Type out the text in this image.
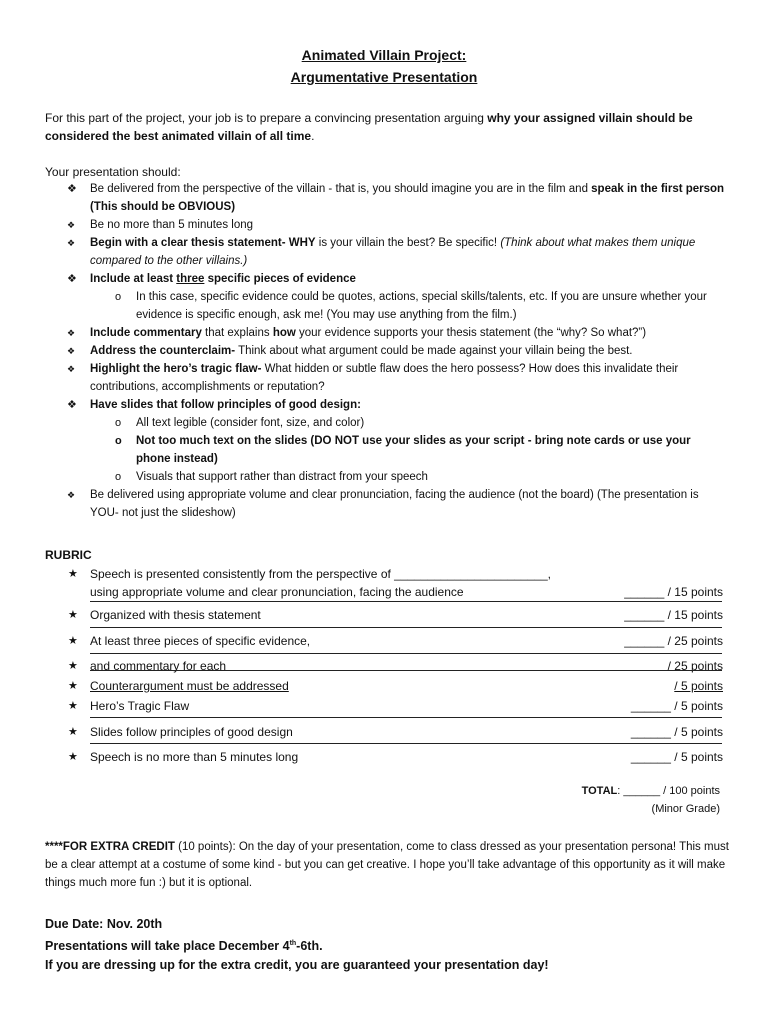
Animated Villain Project:
Argumentative Presentation
For this part of the project, your job is to prepare a convincing presentation arguing why your assigned villain should be considered the best animated villain of all time.
Your presentation should:
❖ Be delivered from the perspective of the villain - that is, you should imagine you are in the film and speak in the first person (This should be OBVIOUS)
❖ Be no more than 5 minutes long
❖ Begin with a clear thesis statement- WHY is your villain the best? Be specific! (Think about what makes them unique compared to the other villains.)
❖ Include at least three specific pieces of evidence
o In this case, specific evidence could be quotes, actions, special skills/talents, etc. If you are unsure whether your evidence is specific enough, ask me! (You may use anything from the film.)
❖ Include commentary that explains how your evidence supports your thesis statement (the “why? So what?”)
❖ Address the counterclaim- Think about what argument could be made against your villain being the best.
❖ Highlight the hero’s tragic flaw- What hidden or subtle flaw does the hero possess? How does this invalidate their contributions, accomplishments or reputation?
❖ Have slides that follow principles of good design:
o All text legible (consider font, size, and color)
o Not too much text on the slides (DO NOT use your slides as your script - bring note cards or use your phone instead)
o Visuals that support rather than distract from your speech
❖ Be delivered using appropriate volume and clear pronunciation, facing the audience (not the board) (The presentation is YOU- not just the slideshow)
RUBRIC
★ Speech is presented consistently from the perspective of _______________________,
using appropriate volume and clear pronunciation, facing the audience	______ / 15 points
★ Organized with thesis statement	______ / 15 points
★ At least three pieces of specific evidence,	______ / 25 points
★ and commentary for each	/ 25 points
★ Counterargument must be addressed	/ 5 points
★ Hero’s Tragic Flaw	______ / 5 points
★ Slides follow principles of good design	______ / 5 points
★ Speech is no more than 5 minutes long	______ / 5 points
TOTAL: ______ / 100 points
(Minor Grade)
****FOR EXTRA CREDIT (10 points): On the day of your presentation, come to class dressed as your presentation persona! This must be a clear attempt at a costume of some kind - but you can get creative. I hope you’ll take advantage of this opportunity as it will make things much more fun :) but it is optional.
Due Date: Nov. 20th
Presentations will take place December 4th-6th.
If you are dressing up for the extra credit, you are guaranteed your presentation day!
